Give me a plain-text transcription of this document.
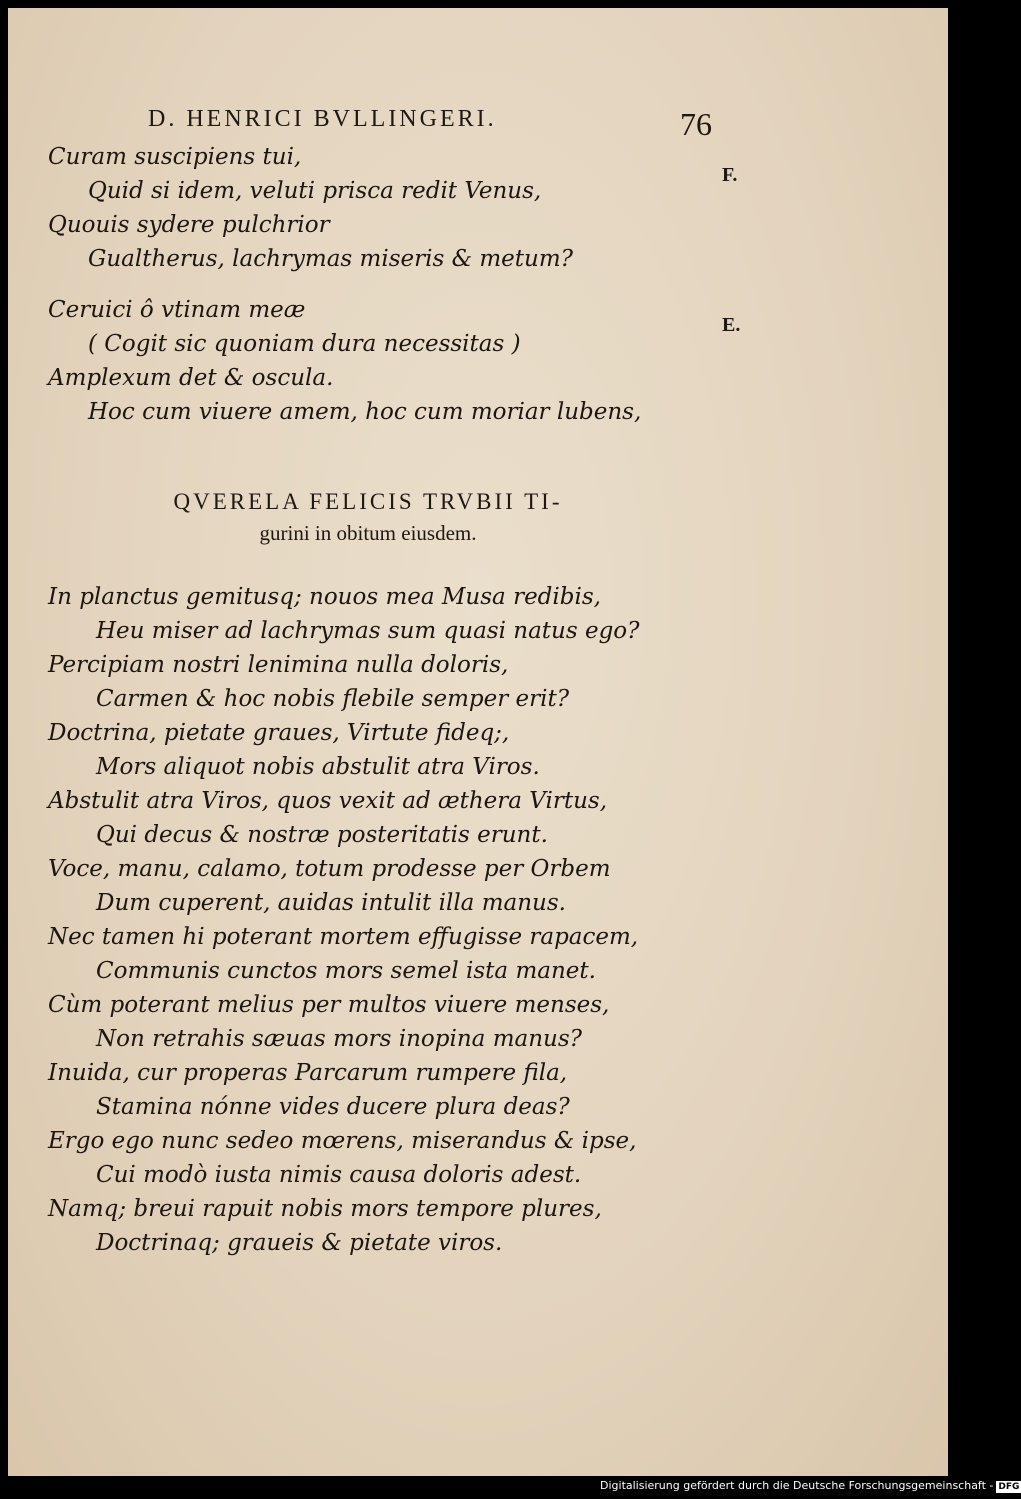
D. HENRICI BVLLINGERI.	76
F.
E.
Curam suscipiens tui,
Quid si idem, veluti prisca redit Venus,
Quouis sydere pulchrior
Gualtherus, lachrymas miseris & metum?
Ceruici ô vtinam meæ
( Cogit sic quoniam dura necessitas )
Amplexum det & oscula.
Hoc cum viuere amem, hoc cum moriar lubens,
QVERELA FELICIS TRVBII TI-
gurini in obitum eiusdem.
In planctus gemitusq; nouos mea Musa redibis,
Heu miser ad lachrymas sum quasi natus ego?
Percipiam nostri lenimina nulla doloris,
Carmen & hoc nobis flebile semper erit?
Doctrina, pietate graues, Virtute fideq;,
Mors aliquot nobis abstulit atra Viros.
Abstulit atra Viros, quos vexit ad æthera Virtus,
Qui decus & nostræ posteritatis erunt.
Voce, manu, calamo, totum prodesse per Orbem
Dum cuperent, auidas intulit illa manus.
Nec tamen hi poterant mortem effugisse rapacem,
Communis cunctos mors semel ista manet.
Cùm poterant melius per multos viuere menses,
Non retrahis sæuas mors inopina manus?
Inuida, cur properas Parcarum rumpere fila,
Stamina nónne vides ducere plura deas?
Ergo ego nunc sedeo mœrens, miserandus & ipse,
Cui modò iusta nimis causa doloris adest.
Namq; breui rapuit nobis mors tempore plures,
Doctrinaq; graueis & pietate viros.
Digitalisierung gefördert durch die Deutsche Forschungsgemeinschaft - DFG
